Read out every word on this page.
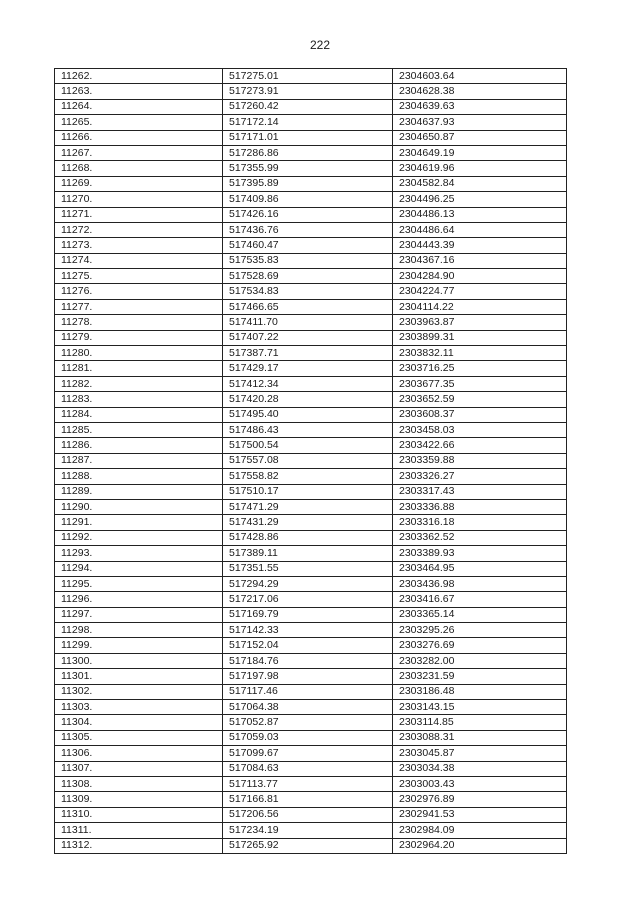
222
11262.	517275.01	2304603.64
11263.	517273.91	2304628.38
11264.	517260.42	2304639.63
11265.	517172.14	2304637.93
11266.	517171.01	2304650.87
11267.	517286.86	2304649.19
11268.	517355.99	2304619.96
11269.	517395.89	2304582.84
11270.	517409.86	2304496.25
11271.	517426.16	2304486.13
11272.	517436.76	2304486.64
11273.	517460.47	2304443.39
11274.	517535.83	2304367.16
11275.	517528.69	2304284.90
11276.	517534.83	2304224.77
11277.	517466.65	2304114.22
11278.	517411.70	2303963.87
11279.	517407.22	2303899.31
11280.	517387.71	2303832.11
11281.	517429.17	2303716.25
11282.	517412.34	2303677.35
11283.	517420.28	2303652.59
11284.	517495.40	2303608.37
11285.	517486.43	2303458.03
11286.	517500.54	2303422.66
11287.	517557.08	2303359.88
11288.	517558.82	2303326.27
11289.	517510.17	2303317.43
11290.	517471.29	2303336.88
11291.	517431.29	2303316.18
11292.	517428.86	2303362.52
11293.	517389.11	2303389.93
11294.	517351.55	2303464.95
11295.	517294.29	2303436.98
11296.	517217.06	2303416.67
11297.	517169.79	2303365.14
11298.	517142.33	2303295.26
11299.	517152.04	2303276.69
11300.	517184.76	2303282.00
11301.	517197.98	2303231.59
11302.	517117.46	2303186.48
11303.	517064.38	2303143.15
11304.	517052.87	2303114.85
11305.	517059.03	2303088.31
11306.	517099.67	2303045.87
11307.	517084.63	2303034.38
11308.	517113.77	2303003.43
11309.	517166.81	2302976.89
11310.	517206.56	2302941.53
11311.	517234.19	2302984.09
11312.	517265.92	2302964.20
